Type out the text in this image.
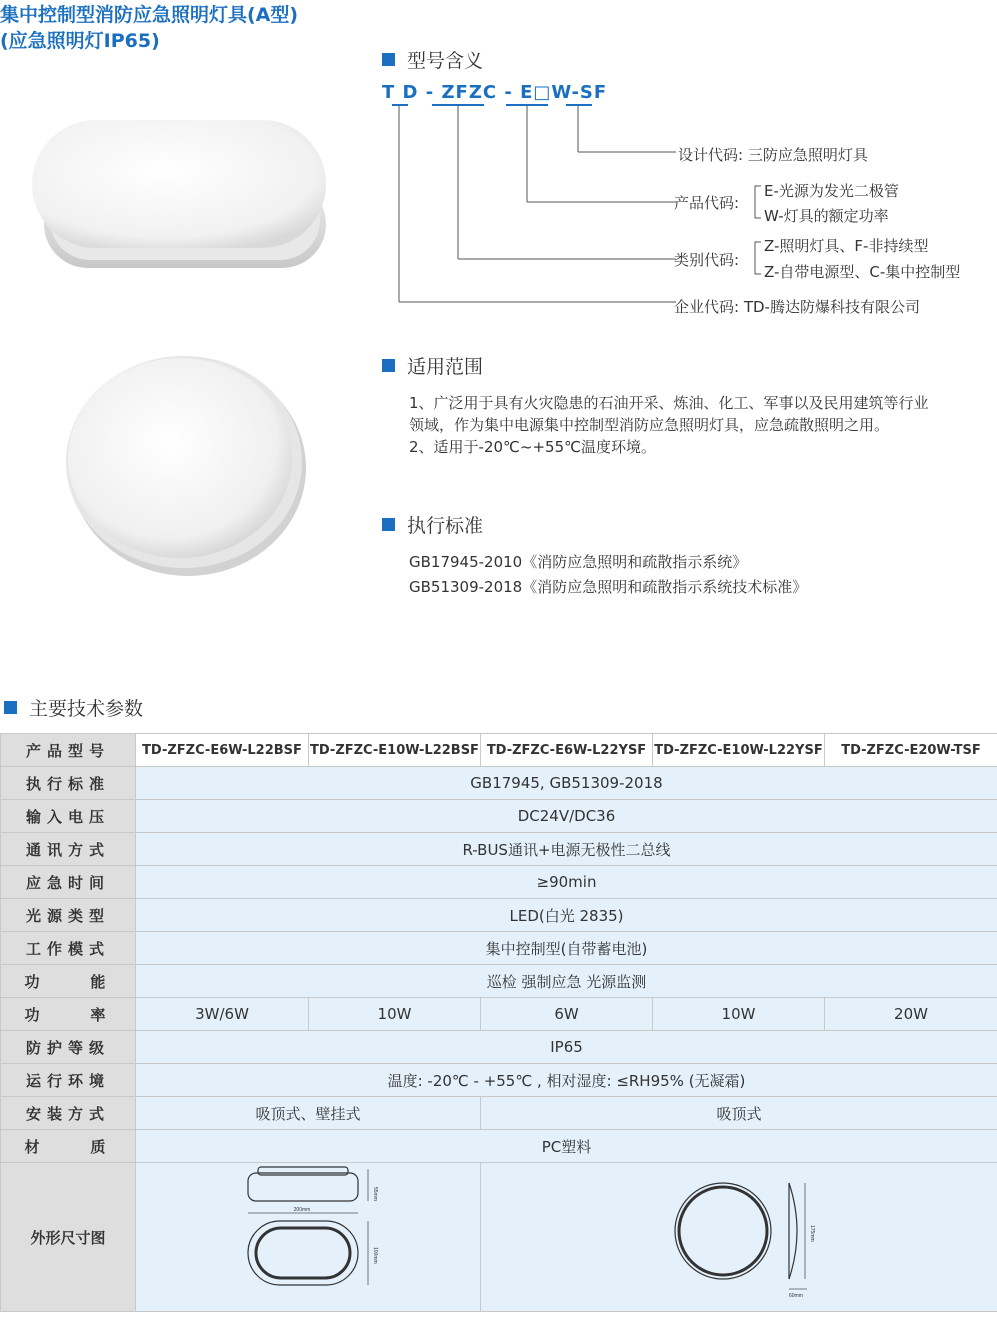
集中控制型消防应急照明灯具(A型)
(应急照明灯IP65)
型号含义
T D - ZFZC - E□W-SF
设计代码: 三防应急照明灯具
产品代码:
E-光源为发光二极管
W-灯具的额定功率
类别代码:
Z-照明灯具、F-非持续型
Z-自带电源型、C-集中控制型
企业代码: TD-腾达防爆科技有限公司
适用范围
1、广泛用于具有火灾隐患的石油开采、炼油、化工、军事以及民用建筑等行业
领域，作为集中电源集中控制型消防应急照明灯具，应急疏散照明之用。
2、适用于-20℃~+55℃温度环境。
执行标准
GB17945-2010《消防应急照明和疏散指示系统》
GB51309-2018《消防应急照明和疏散指示系统技术标准》
主要技术参数
产品型号	TD-ZFZC-E6W-L22BSF	TD-ZFZC-E10W-L22BSF	TD-ZFZC-E6W-L22YSF	TD-ZFZC-E10W-L22YSF	TD-ZFZC-E20W-TSF
执行标准	GB17945, GB51309-2018				
输入电压	DC24V/DC36				
通讯方式	R-BUS通讯+电源无极性二总线				
应急时间	≥90min				
光源类型	LED(白光 2835)				
工作模式	集中控制型(自带蓄电池)				
功    能	巡检 强制应急 光源监测				
功    率	3W/6W	10W	6W	10W	20W
防护等级	IP65				
运行环境	温度: -20℃ - +55℃ , 相对湿度: ≤RH95% (无凝霜)				
安装方式	吸顶式、壁挂式		吸顶式		
材    质	PC塑料				
外形尺寸图	200mm
55mm
100mm		175mm
60mm		
